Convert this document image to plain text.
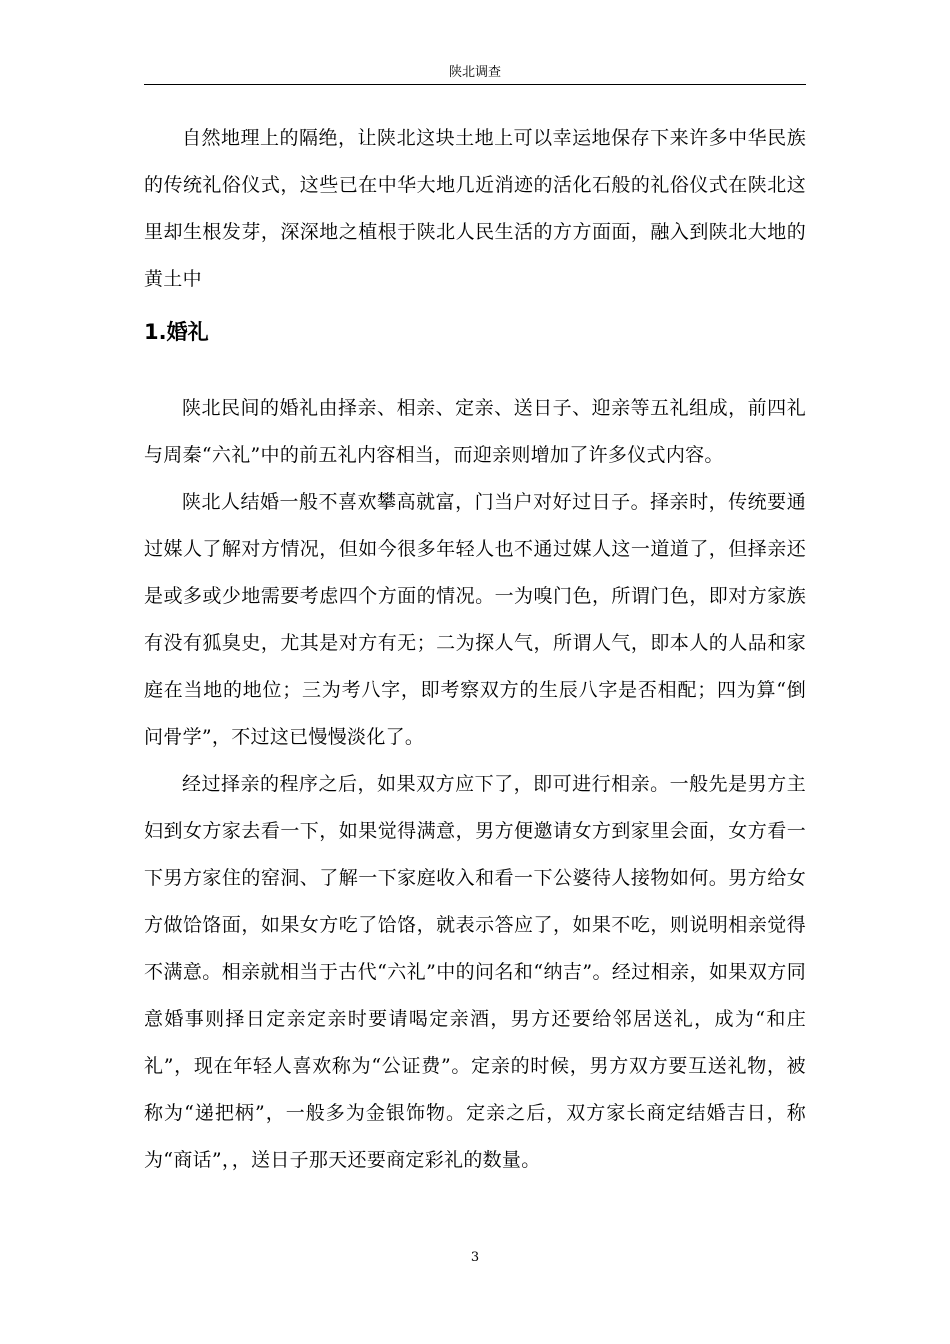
陕北调查

自然地理上的隔绝，让陕北这块土地上可以幸运地保存下来许多中华民族的传统礼俗仪式，这些已在中华大地几近消迹的活化石般的礼俗仪式在陕北这里却生根发芽，深深地之植根于陕北人民生活的方方面面，融入到陕北大地的黄土中

1.婚礼

陕北民间的婚礼由择亲、相亲、定亲、送日子、迎亲等五礼组成，前四礼与周秦“六礼”中的前五礼内容相当，而迎亲则增加了许多仪式内容。

陕北人结婚一般不喜欢攀高就富，门当户对好过日子。择亲时，传统要通过媒人了解对方情况，但如今很多年轻人也不通过媒人这一道道了，但择亲还是或多或少地需要考虑四个方面的情况。一为嗅门色，所谓门色，即对方家族有没有狐臭史，尤其是对方有无；二为探人气，所谓人气，即本人的人品和家庭在当地的地位；三为考八字，即考察双方的生辰八字是否相配；四为算“倒问骨学”，不过这已慢慢淡化了。

经过择亲的程序之后，如果双方应下了，即可进行相亲。一般先是男方主妇到女方家去看一下，如果觉得满意，男方便邀请女方到家里会面，女方看一下男方家住的窑洞、了解一下家庭收入和看一下公婆待人接物如何。男方给女方做饸饹面，如果女方吃了饸饹，就表示答应了，如果不吃，则说明相亲觉得不满意。相亲就相当于古代“六礼”中的问名和“纳吉”。经过相亲，如果双方同意婚事则择日定亲定亲时要请喝定亲酒，男方还要给邻居送礼，成为“和庄礼”，现在年轻人喜欢称为“公证费”。定亲的时候，男方双方要互送礼物，被称为“递把柄”，一般多为金银饰物。定亲之后，双方家长商定结婚吉日，称为“商话”，，送日子那天还要商定彩礼的数量。

3
